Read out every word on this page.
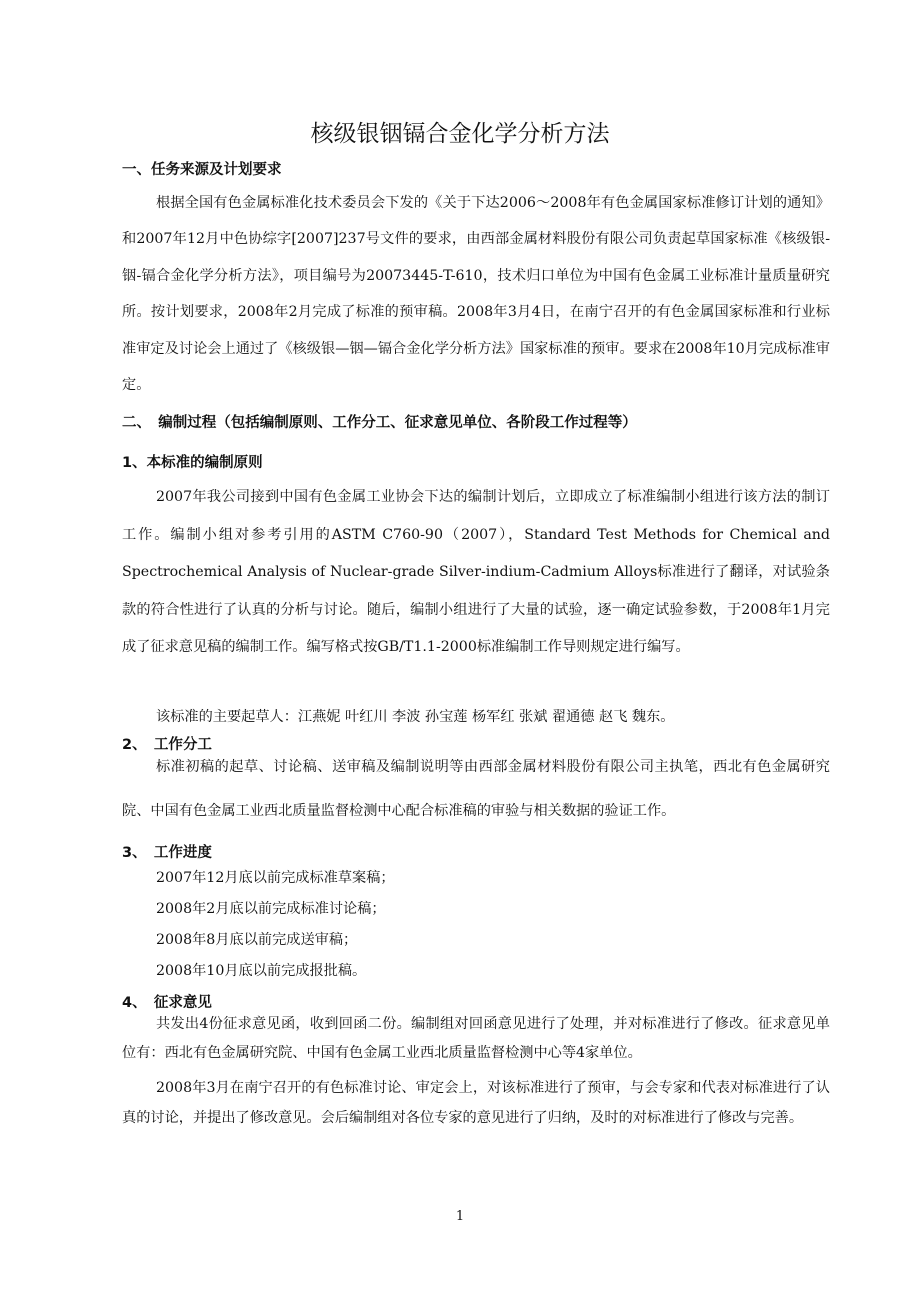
核级银铟镉合金化学分析方法
一、任务来源及计划要求

根据全国有色金属标准化技术委员会下发的《关于下达2006～2008年有色金属国家标准修订计划的通知》和2007年12月中色协综字[2007]237号文件的要求，由西部金属材料股份有限公司负责起草国家标准《核级银-铟-镉合金化学分析方法》，项目编号为20073445-T-610，技术归口单位为中国有色金属工业标准计量质量研究所。按计划要求，2008年2月完成了标准的预审稿。2008年3月4日，在南宁召开的有色金属国家标准和行业标准审定及讨论会上通过了《核级银—铟—镉合金化学分析方法》国家标准的预审。要求在2008年10月完成标准审定。

二、　编制过程（包括编制原则、工作分工、征求意见单位、各阶段工作过程等）
1、本标准的编制原则

2007年我公司接到中国有色金属工业协会下达的编制计划后，立即成立了标准编制小组进行该方法的制订工作。编制小组对参考引用的ASTM C760-90（2007），Standard Test Methods for Chemical and Spectrochemical Analysis of Nuclear-grade Silver-indium-Cadmium Alloys标准进行了翻译，对试验条款的符合性进行了认真的分析与讨论。随后，编制小组进行了大量的试验，逐一确定试验参数，于2008年1月完成了征求意见稿的编制工作。编写格式按GB/T1.1-2000标准编制工作导则规定进行编写。

该标准的主要起草人：江燕妮 叶红川 李波 孙宝莲 杨军红 张斌 翟通德 赵飞 魏东。
2、　工作分工

标准初稿的起草、讨论稿、送审稿及编制说明等由西部金属材料股份有限公司主执笔，西北有色金属研究院、中国有色金属工业西北质量监督检测中心配合标准稿的审验与相关数据的验证工作。

3、　工作进度
2007年12月底以前完成标准草案稿；
2008年2月底以前完成标准讨论稿；
2008年8月底以前完成送审稿；
2008年10月底以前完成报批稿。
4、　征求意见

共发出4份征求意见函，收到回函二份。编制组对回函意见进行了处理，并对标准进行了修改。征求意见单位有：西北有色金属研究院、中国有色金属工业西北质量监督检测中心等4家单位。

2008年3月在南宁召开的有色标准讨论、审定会上，对该标准进行了预审，与会专家和代表对标准进行了认真的讨论，并提出了修改意见。会后编制组对各位专家的意见进行了归纳，及时的对标准进行了修改与完善。

1
